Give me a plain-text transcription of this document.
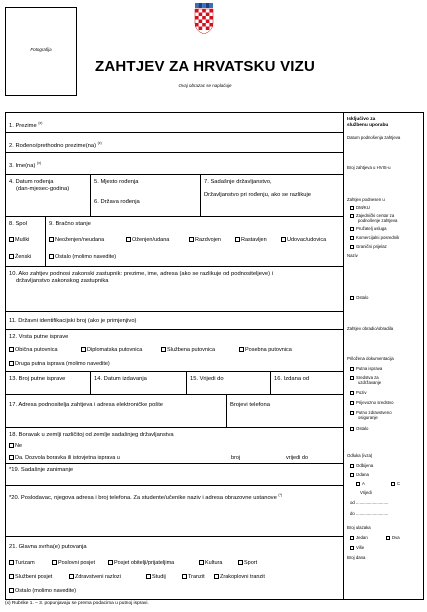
Fotografija
ZAHTJEV ZA HRVATSKU VIZU
Ovaj obrazac se naplaćuje
1. Prezime $^{(x)}$
2. Rođeno/prethodno prezime(na) $^{(x)}$
3. Ime(na) $^{(x)}$
4. Datum rođenja
(dan-mjesec-godina)
5. Mjesto rođenja
6. Država rođenja
7. Sadašnje državljanstvo,
Državljanstvo pri rođenju, ako se razlikuje
8. Spol
Muški
Ženski
9. Bračno stanje
Neoženjen/neudana	Oženjen/udana	Razdvojen	Rastavljen	Udovac/udovica
Ostalo (molimo navedite)
10. Ako zahtjev podnosi zakonski zastupnik: prezime, ime, adresa (ako se razlikuje od podnositeljeve) i
državljanstvo zakonskog zastupnika
11. Državni identifikacijski broj (ako je primjenjivo)
12. Vrsta putne isprave
Obična putovnica	Diplomatska putovnica	Službena putovnica	Posebna putovnica
Druga putna isprava (molimo navedite)
13. Broj putne isprave	14. Datum izdavanja	15. Vrijedi do	16. Izdana od
17. Adresa podnositelja zahtjeva i adresa elektroničke pošte	Brojevi telefona
18. Boravak u zemlji različitoj od zemlje sadašnjeg državljanstva
Ne
Da. Dozvola boravka ili istovjetna isprava u	broj	vrijedi do
*19. Sadašnje zanimanje
*20. Poslodavac, njegova adresa i broj telefona. Za studente/učenike naziv i adresa obrazovne ustanove (*)
21. Glavna svrha(e) putovanja
Turizam	Poslovni posjet	Posjet obitelji/prijateljima	Kultura	Sport
Službeni posjet	Zdravstveni razlozi	Studij	Tranzit	Zrakoplovni tranzit
Ostalo (molimo navedite)
Isključivo za
službenu uporabu
Datum podnošenja zahtjeva
Broj zahtjeva u HVIS-u
Zahtjev podnesen u
DM/KU
Zajednički centar za
podnošenje zahtjeva
Pružatelj usluga
Komercijalni posrednik
Granični prijelaz
Naziv
Ostalo
Zahtjev obradio/obradila
Priložena dokumentacija
Putna isprava
Sredstva za
uzdržavanje
Poziv
Prijevozno sredstvo
Putno zdravstveno
osiguranje
Ostalo
Odluka (ivza)
Odbijena
Izdana
A	C
Vrijedi
od ...........................
do ...........................
Broj ulazaka
Jedan	Dva
Više
Broj dana
(x) Rubrike 1. – 3. popunjavaju se prema podacima u putnoj ispravi.
